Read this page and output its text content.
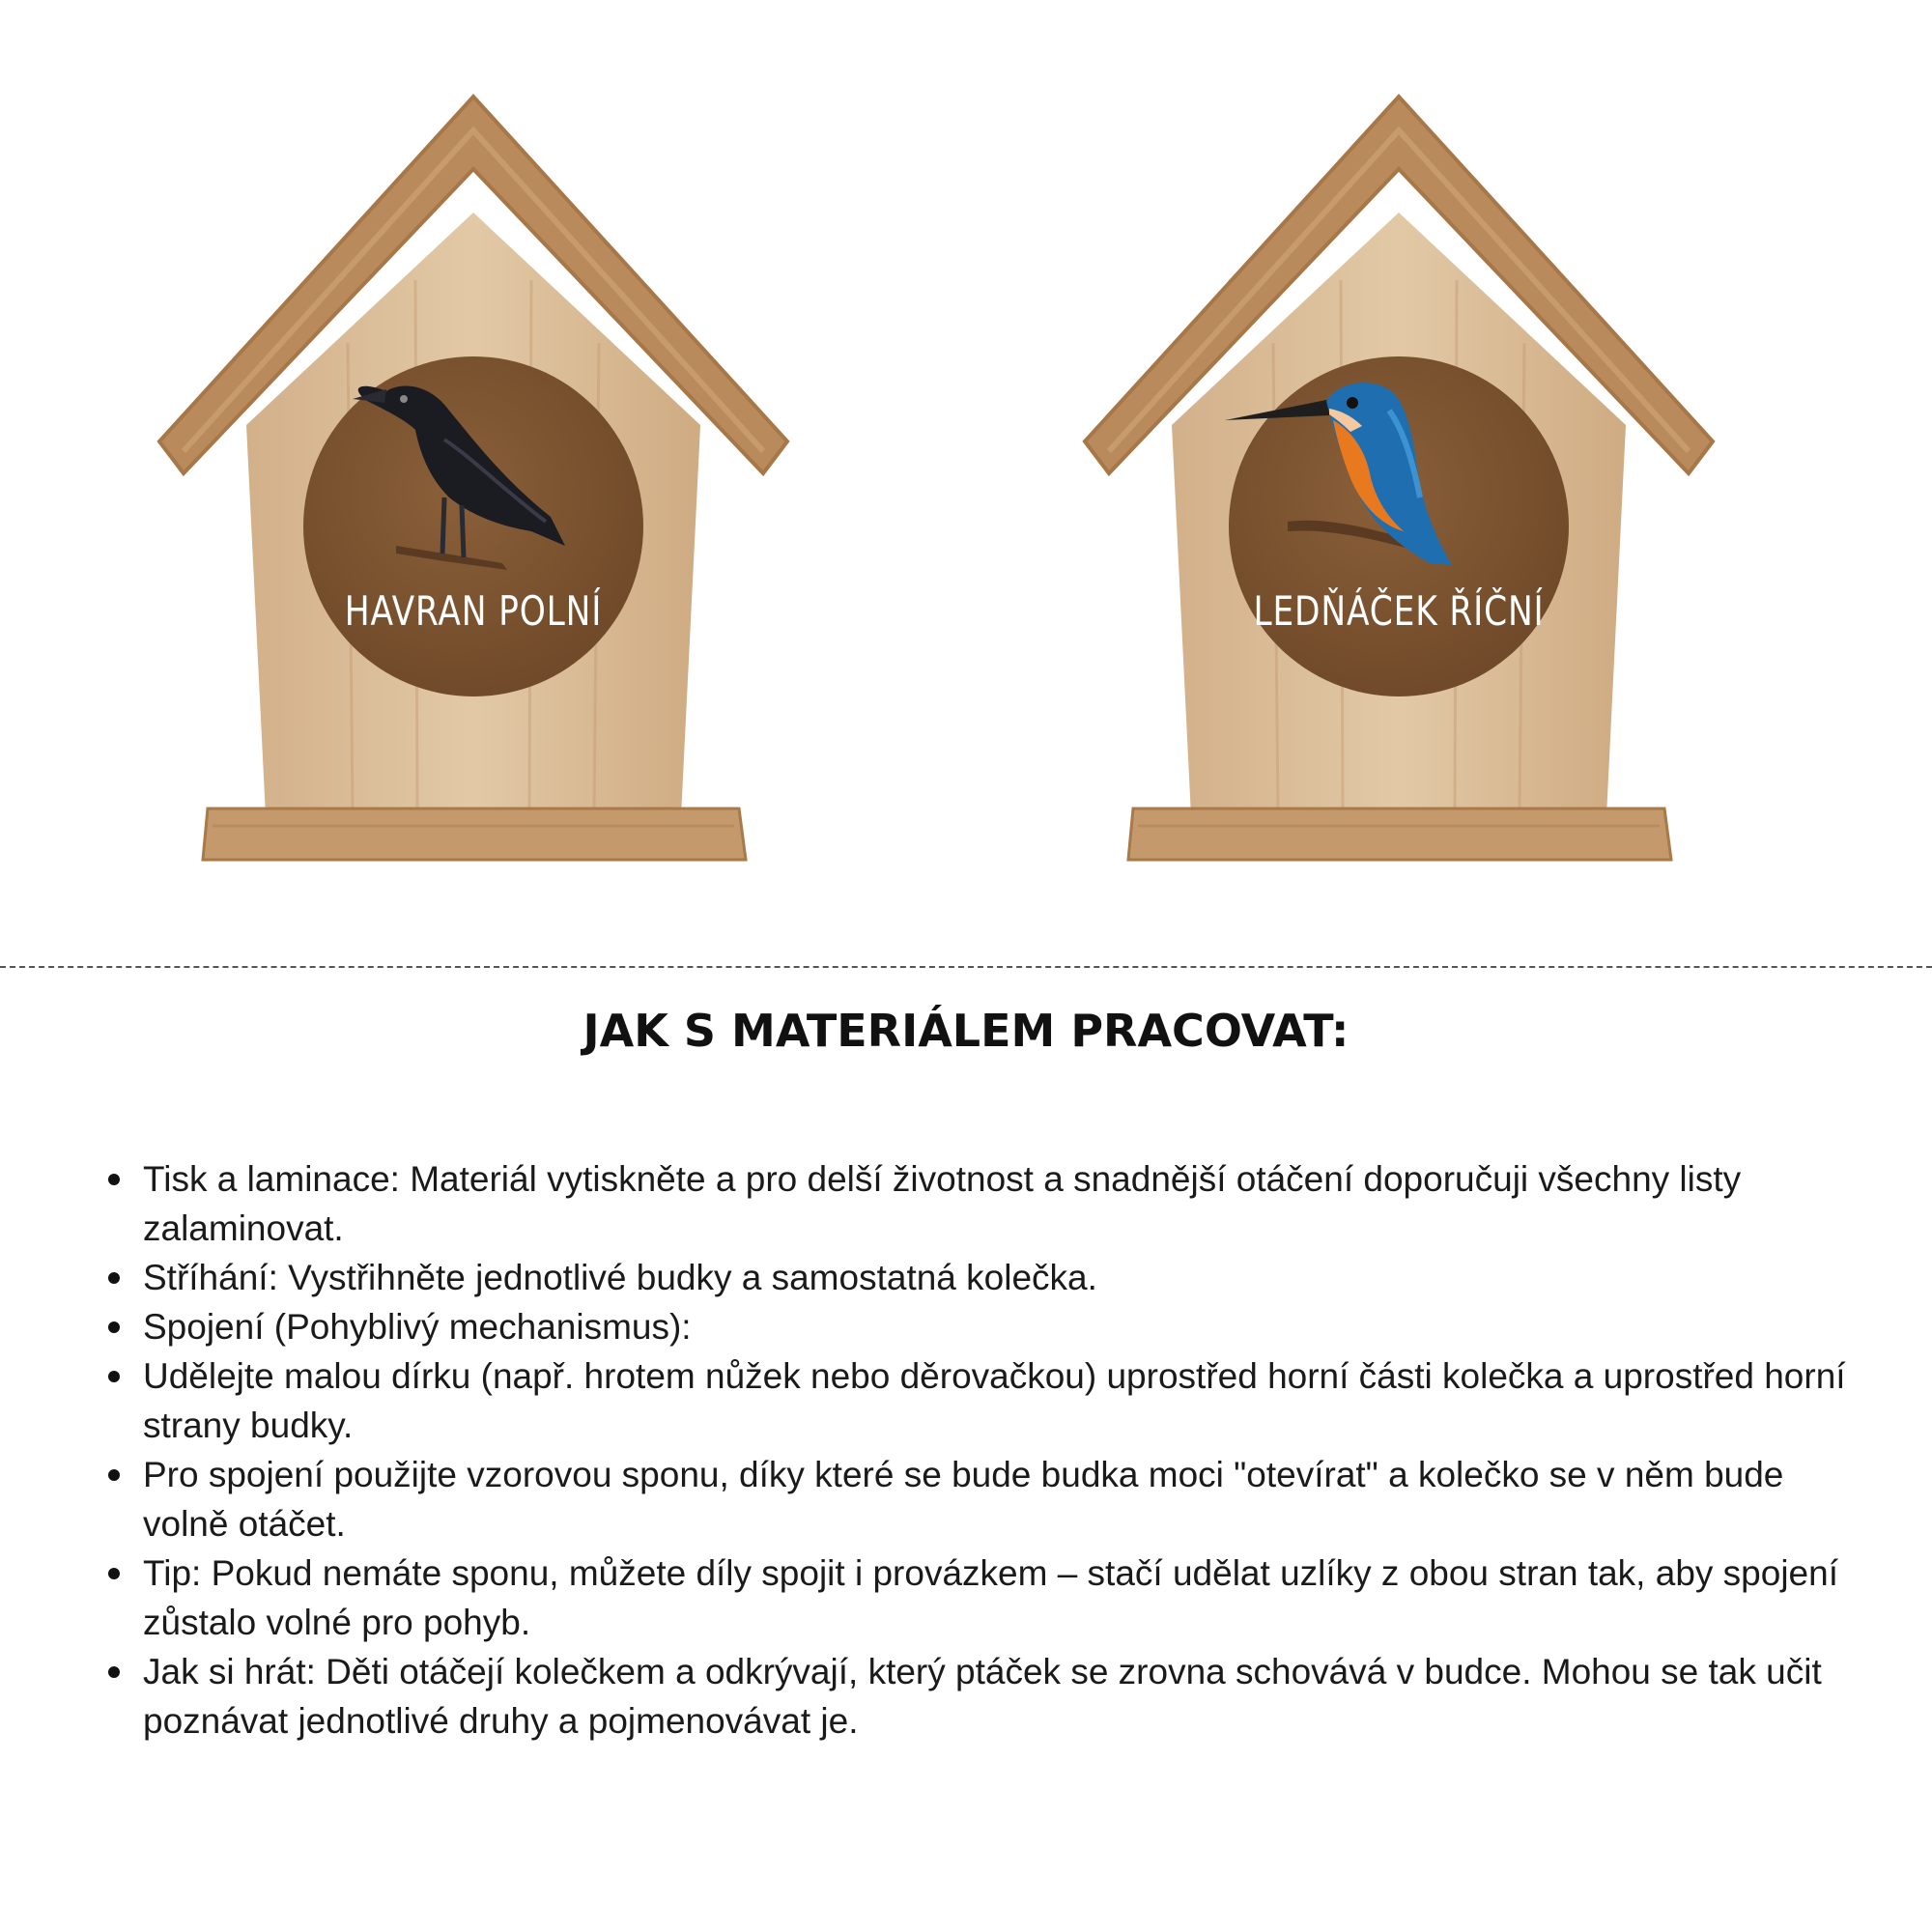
HAVRAN POLNÍ	LEDŇÁČEK ŘÍČNÍ
JAK S MATERIÁLEM PRACOVAT:
Tisk a laminace: Materiál vytiskněte a pro delší životnost a snadnější otáčení doporučuji všechny listy zalaminovat.
Stříhání: Vystřihněte jednotlivé budky a samostatná kolečka.
Spojení (Pohyblivý mechanismus):
Udělejte malou dírku (např. hrotem nůžek nebo děrovačkou) uprostřed horní části kolečka a uprostřed horní strany budky.
Pro spojení použijte vzorovou sponu, díky které se bude budka moci "otevírat" a kolečko se v něm bude volně otáčet.
Tip: Pokud nemáte sponu, můžete díly spojit i provázkem – stačí udělat uzlíky z obou stran tak, aby spojení zůstalo volné pro pohyb.
Jak si hrát: Děti otáčejí kolečkem a odkrývají, který ptáček se zrovna schovává v budce. Mohou se tak učit poznávat jednotlivé druhy a pojmenovávat je.
